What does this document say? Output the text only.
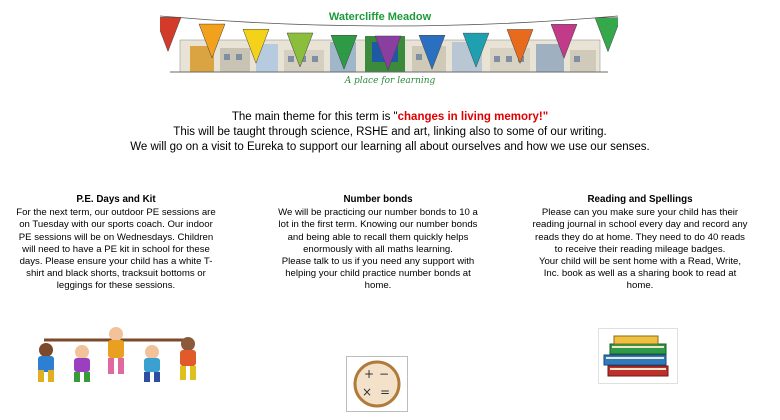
Watercliffe Meadow
A place for learning
The main theme for this term is "changes in living memory!"
This will be taught through science, RSHE and art, linking also to some of our writing.
We will go on a visit to Eureka to support our learning all about ourselves and how we use our senses.
P.E. Days and Kit

For the next term, our outdoor PE sessions are on Tuesday with our sports coach. Our indoor PE sessions will be on Wednesdays. Children will need to have a PE kit in school for these days. Please ensure your child has a white T-shirt and black shorts, tracksuit bottoms or leggings for these sessions.

Number bonds

We will be practicing our number bonds to 10 a lot in the first term. Knowing our number bonds and being able to recall them quickly helps enormously with all maths learning.

Please talk to us if you need any support with helping your child practice number bonds at home.

Reading and Spellings

Please can you make sure your child has their reading journal in school every day and record any reads they do at home. They need to do 40 reads to receive their reading mileage badges.

Your child will be sent home with a Read, Write, Inc. book as well as a sharing book to read at home.

+ −
× =
